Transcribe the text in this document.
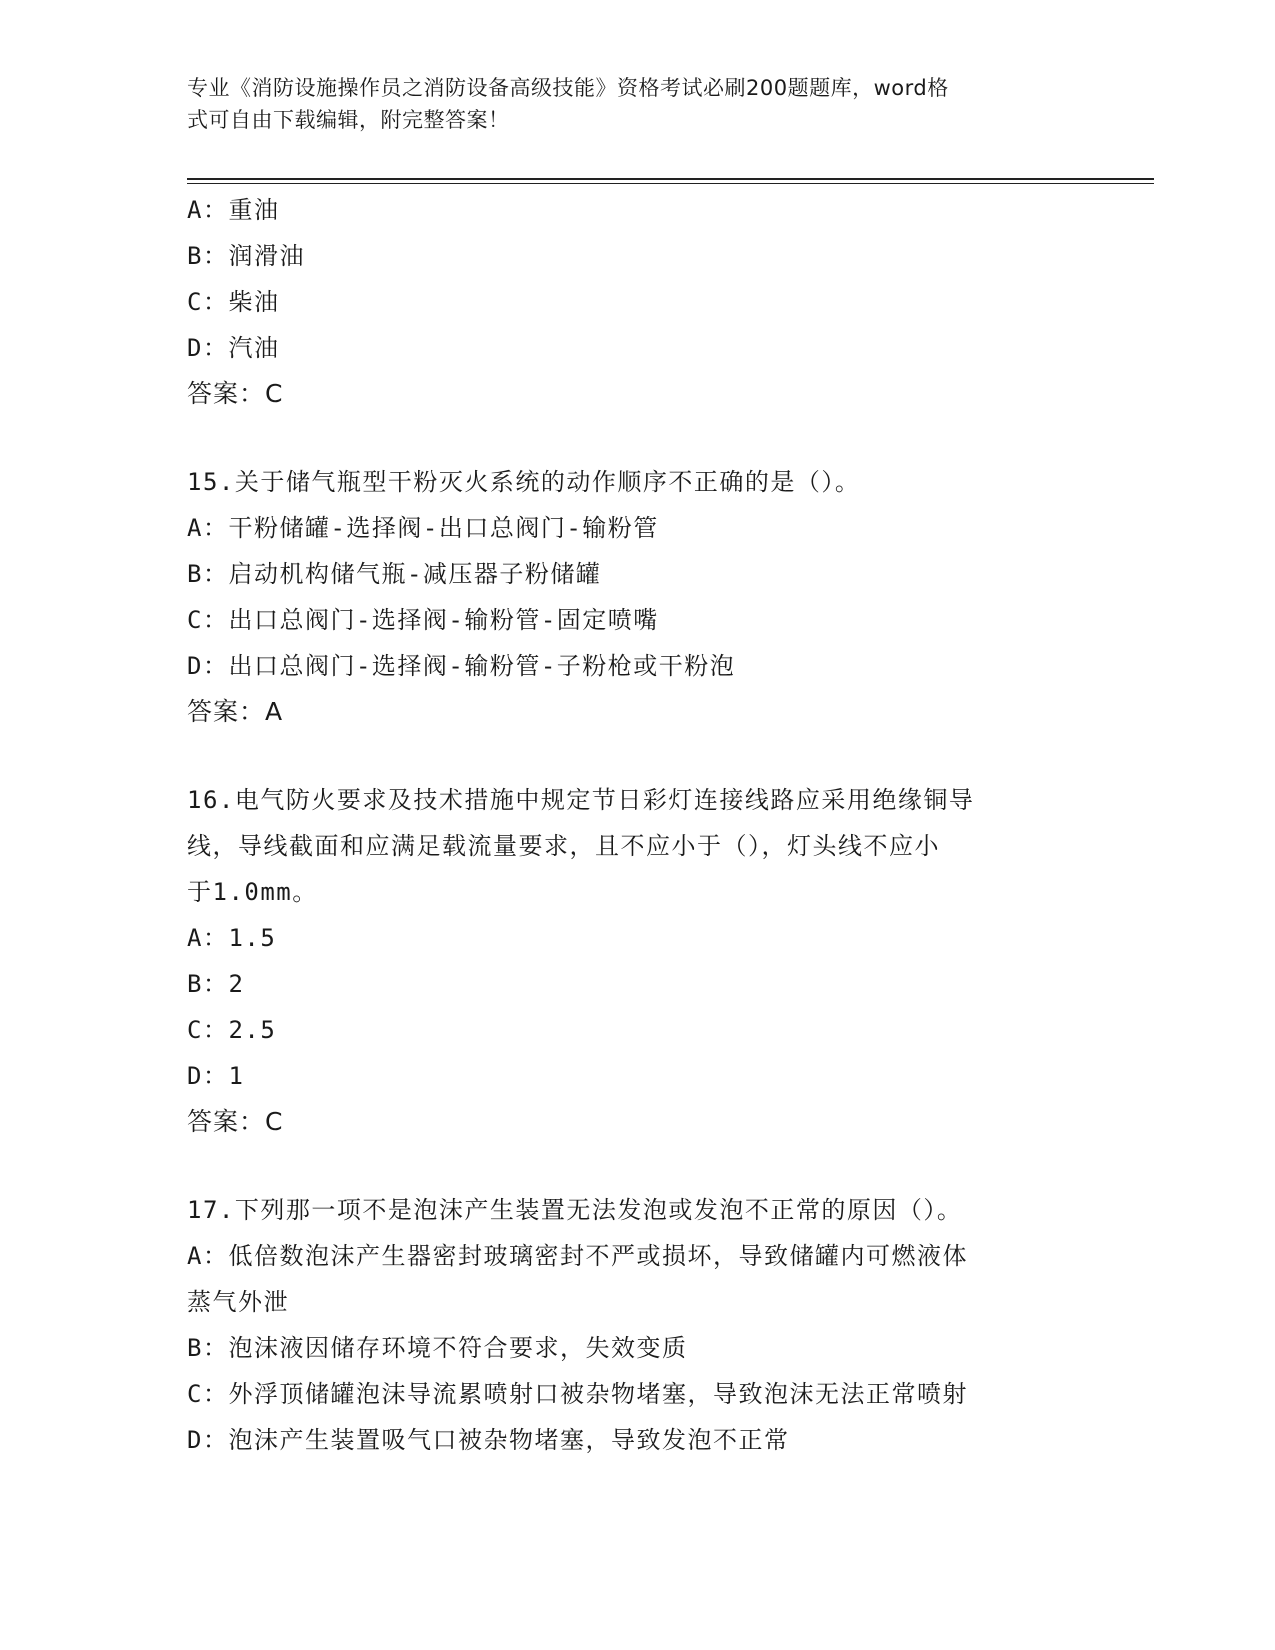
专业《消防设施操作员之消防设备高级技能》资格考试必刷200题题库，word格
式可自由下载编辑，附完整答案！
A：重油
B：润滑油
C：柴油
D：汽油
答案：C
15.关于储气瓶型干粉灭火系统的动作顺序不正确的是（）。
A：干粉储罐-选择阀-出口总阀门-输粉管
B：启动机构储气瓶-减压器子粉储罐
C：出口总阀门-选择阀-输粉管-固定喷嘴
D：出口总阀门-选择阀-输粉管-子粉枪或干粉泡
答案：A
16.电气防火要求及技术措施中规定节日彩灯连接线路应采用绝缘铜导
线，导线截面和应满足载流量要求，且不应小于（），灯头线不应小
于1.0mm。
A：1.5
B：2
C：2.5
D：1
答案：C
17.下列那一项不是泡沫产生装置无法发泡或发泡不正常的原因（）。
A：低倍数泡沫产生器密封玻璃密封不严或损坏，导致储罐内可燃液体
蒸气外泄
B：泡沫液因储存环境不符合要求，失效变质
C：外浮顶储罐泡沫导流累喷射口被杂物堵塞，导致泡沫无法正常喷射
D：泡沫产生装置吸气口被杂物堵塞，导致发泡不正常
